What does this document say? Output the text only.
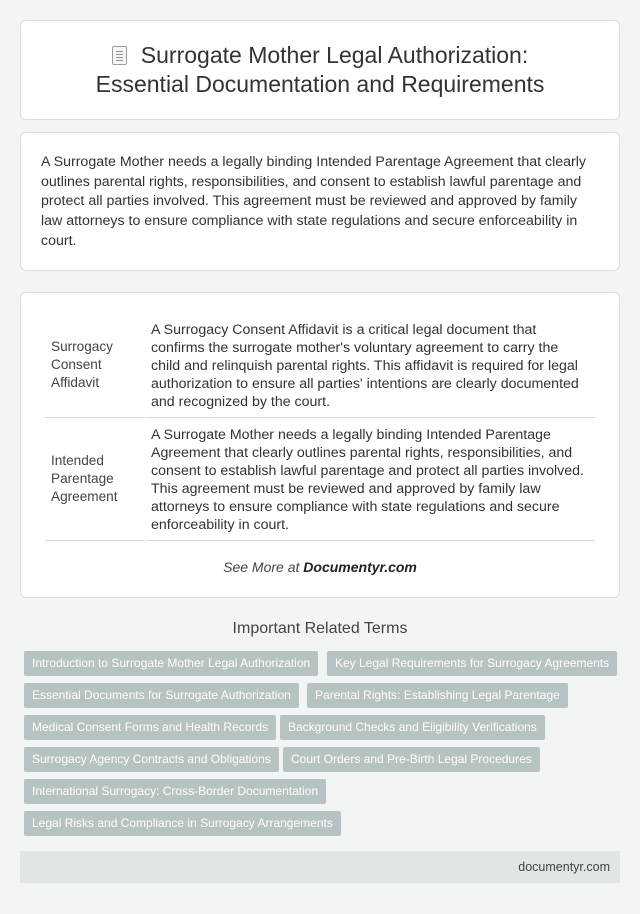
Surrogate Mother Legal Authorization:
Essential Documentation and Requirements

A Surrogate Mother needs a legally binding Intended Parentage Agreement that clearly outlines parental rights, responsibilities, and consent to establish lawful parentage and protect all parties involved. This agreement must be reviewed and approved by family law attorneys to ensure compliance with state regulations and secure enforceability in court.

Surrogacy Consent Affidavit	A Surrogacy Consent Affidavit is a critical legal document that confirms the surrogate mother's voluntary agreement to carry the child and relinquish parental rights. This affidavit is required for legal authorization to ensure all parties' intentions are clearly documented and recognized by the court.
Intended Parentage Agreement	A Surrogate Mother needs a legally binding Intended Parentage Agreement that clearly outlines parental rights, responsibilities, and consent to establish lawful parentage and protect all parties involved. This agreement must be reviewed and approved by family law attorneys to ensure compliance with state regulations and secure enforceability in court.
See More at Documentyr.com
Important Related Terms
Introduction to Surrogate Mother Legal Authorization	Key Legal Requirements for Surrogacy Agreements
Essential Documents for Surrogate Authorization	Parental Rights: Establishing Legal Parentage
Medical Consent Forms and Health Records	Background Checks and Eligibility Verifications
Surrogacy Agency Contracts and Obligations	Court Orders and Pre-Birth Legal Procedures
International Surrogacy: Cross-Border Documentation
Legal Risks and Compliance in Surrogacy Arrangements
documentyr.com
